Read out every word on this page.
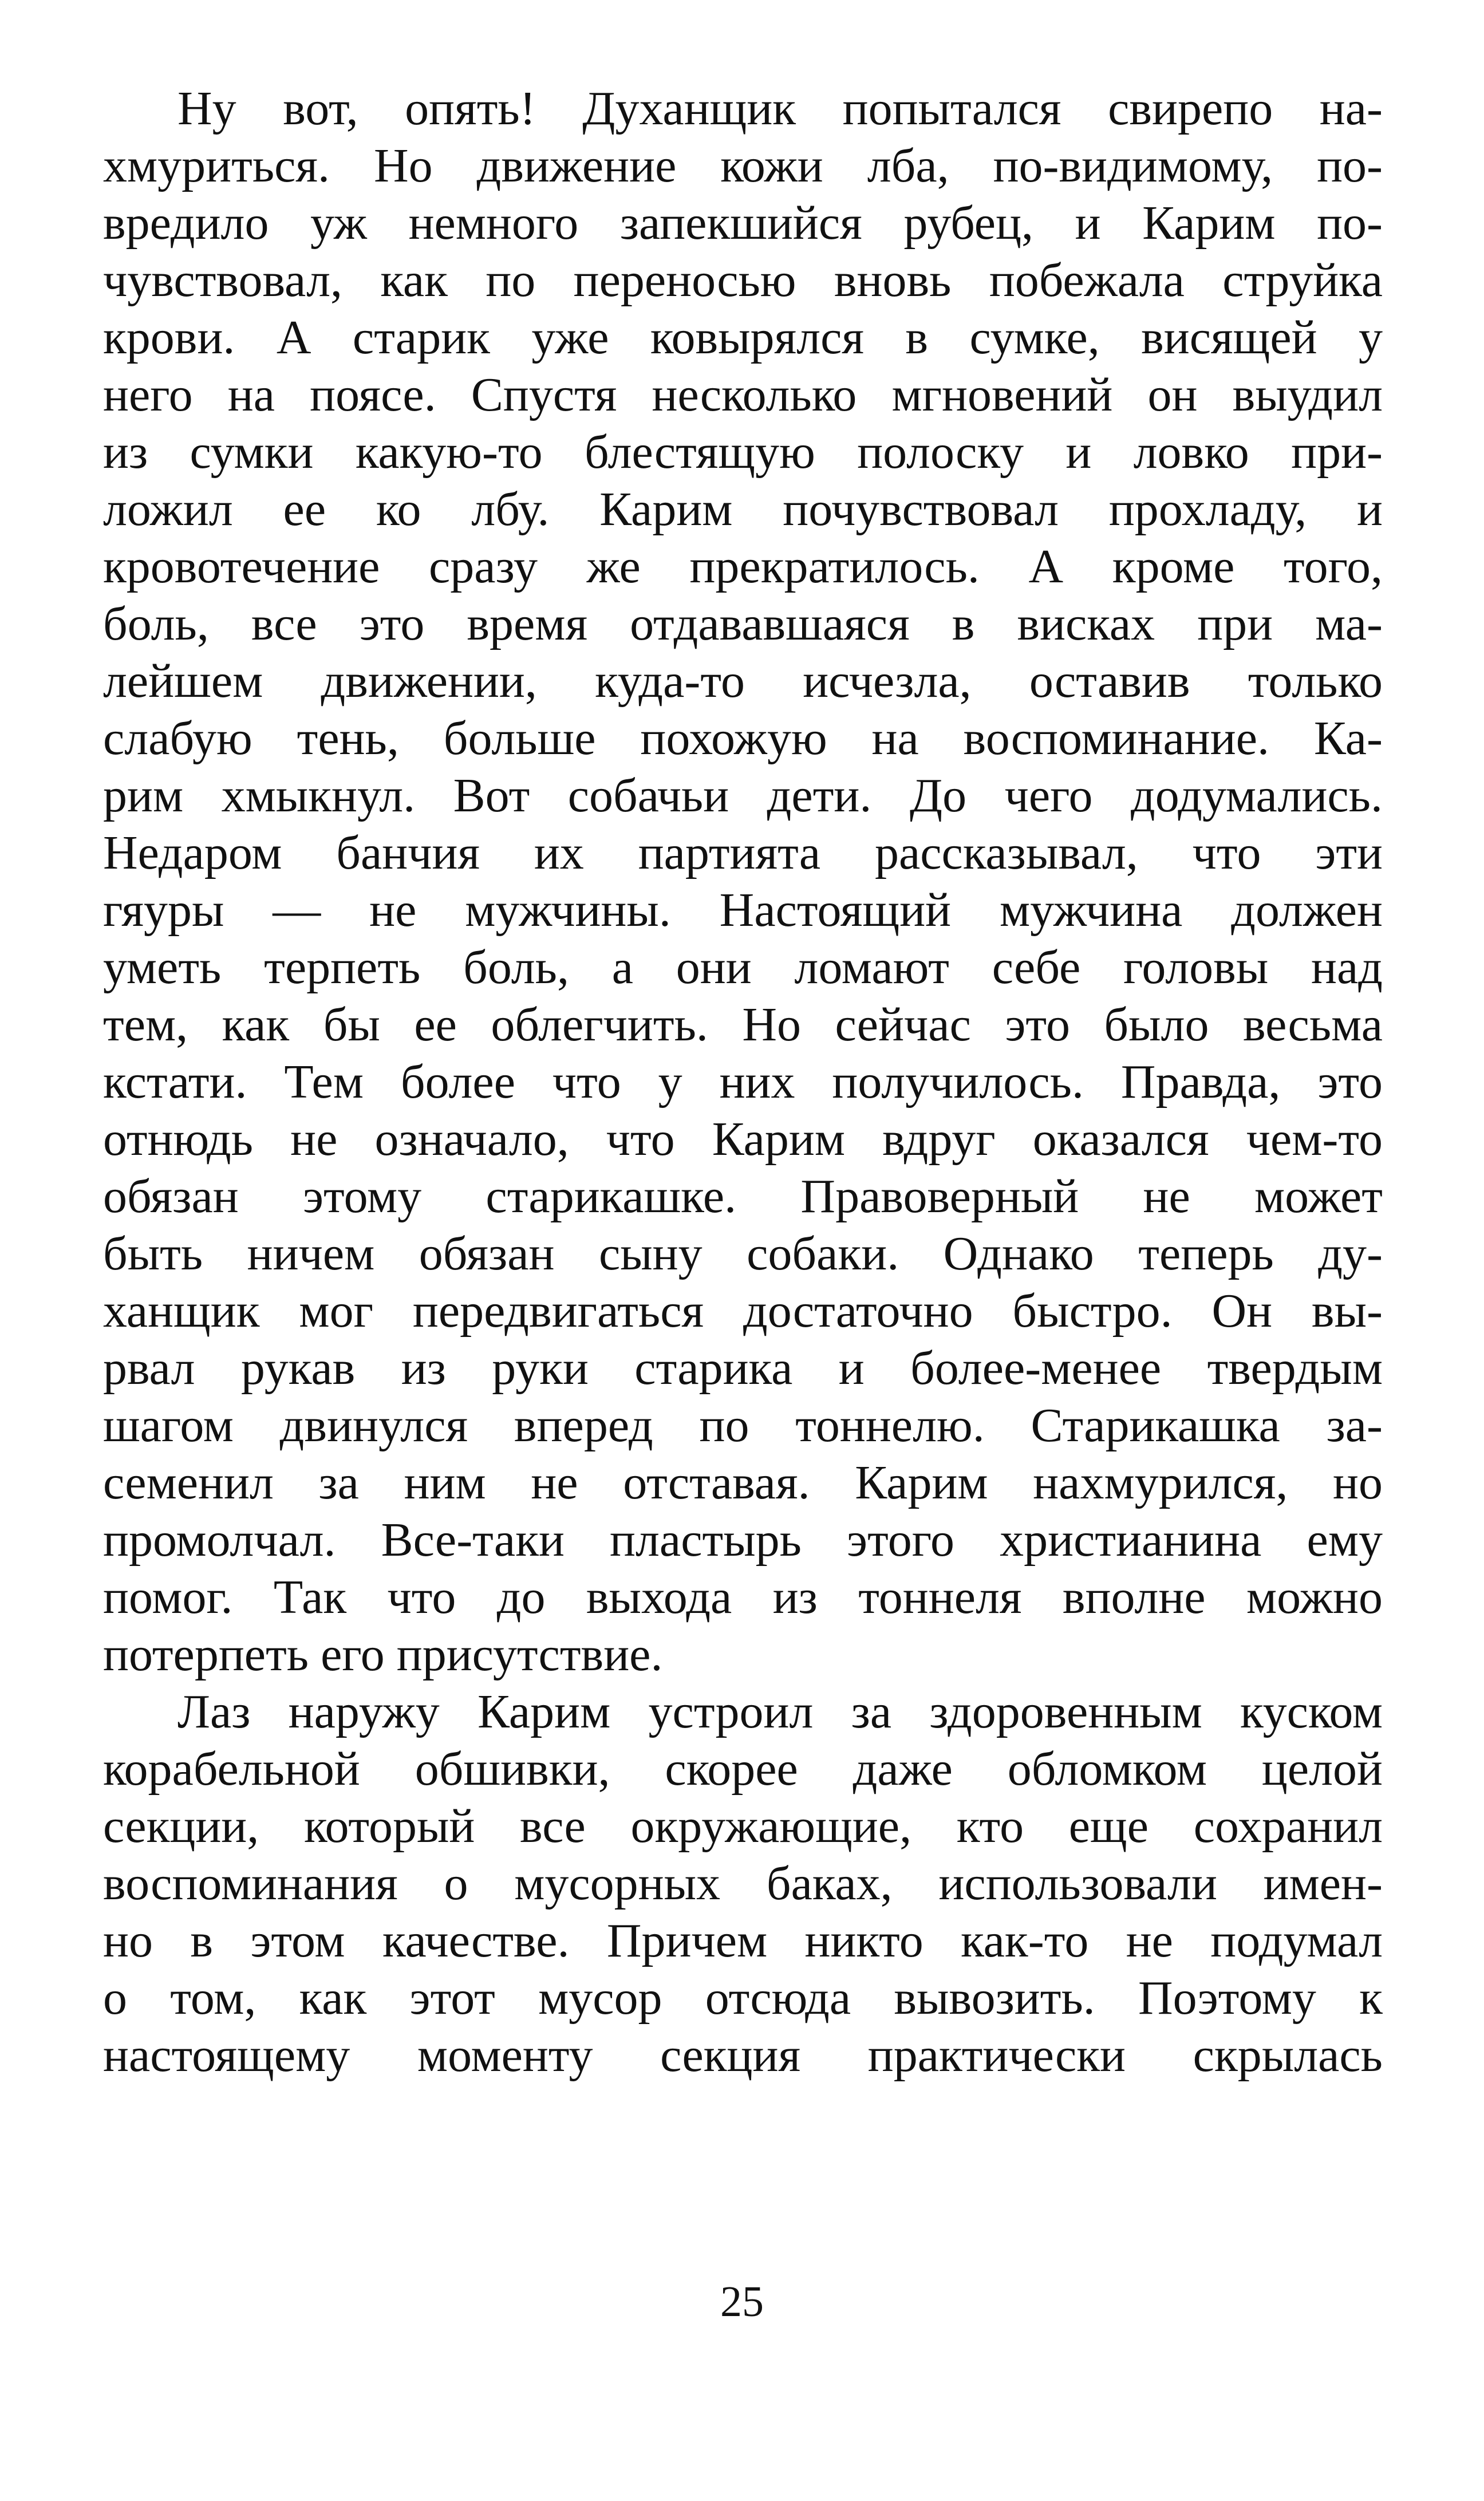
Ну вот, опять! Духанщик попытался свирепо на-
хмуриться. Но движение кожи лба, по-видимому, по-
вредило уж немного запекшийся рубец, и Карим по-
чувствовал, как по переносью вновь побежала струйка
крови. А старик уже ковырялся в сумке, висящей у
него на поясе. Спустя несколько мгновений он выудил
из сумки какую-то блестящую полоску и ловко при-
ложил ее ко лбу. Карим почувствовал прохладу, и
кровотечение сразу же прекратилось. А кроме того,
боль, все это время отдававшаяся в висках при ма-
лейшем движении, куда-то исчезла, оставив только
слабую тень, больше похожую на воспоминание. Ка-
рим хмыкнул. Вот собачьи дети. До чего додумались.
Недаром банчия их партията рассказывал, что эти
гяуры — не мужчины. Настоящий мужчина должен
уметь терпеть боль, а они ломают себе головы над
тем, как бы ее облегчить. Но сейчас это было весьма
кстати. Тем более что у них получилось. Правда, это
отнюдь не означало, что Карим вдруг оказался чем-то
обязан этому старикашке. Правоверный не может
быть ничем обязан сыну собаки. Однако теперь ду-
ханщик мог передвигаться достаточно быстро. Он вы-
рвал рукав из руки старика и более-менее твердым
шагом двинулся вперед по тоннелю. Старикашка за-
семенил за ним не отставая. Карим нахмурился, но
промолчал. Все-таки пластырь этого христианина ему
помог. Так что до выхода из тоннеля вполне можно
потерпеть его присутствие.
Лаз наружу Карим устроил за здоровенным куском
корабельной обшивки, скорее даже обломком целой
секции, который все окружающие, кто еще сохранил
воспоминания о мусорных баках, использовали имен-
но в этом качестве. Причем никто как-то не подумал
о том, как этот мусор отсюда вывозить. Поэтому к
настоящему моменту секция практически скрылась
25
